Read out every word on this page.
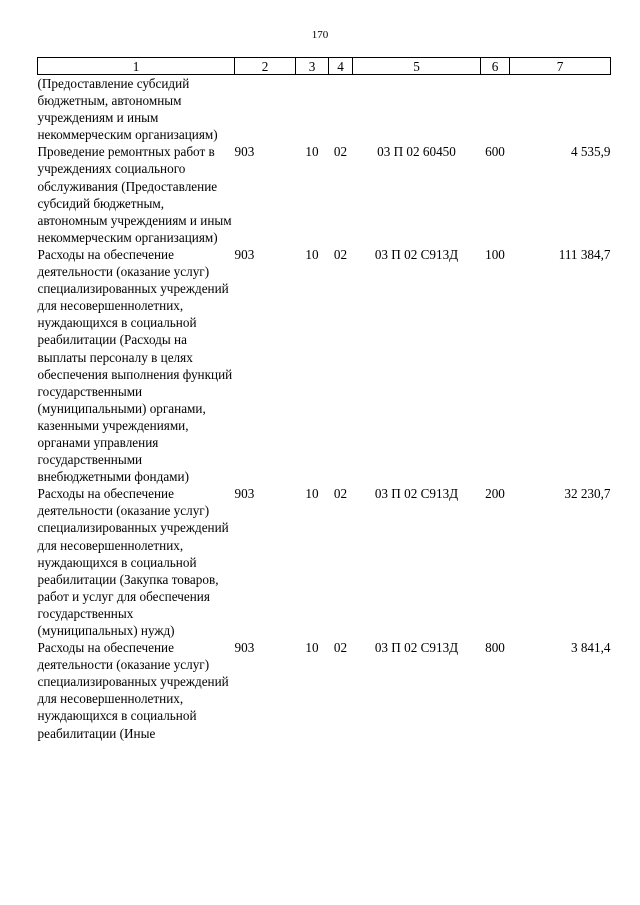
170
1	2	3	4	5	6	7
(Предоставление субсидий бюджетным, автономным учреждениям и иным некоммерческим организациям)						
Проведение ремонтных работ в учреждениях социального обслуживания (Предоставление субсидий бюджетным, автономным учреждениям и иным некоммерческим организациям)	903	10	02	03 П 02 60450	600	4 535,9
Расходы на обеспечение деятельности (оказание услуг) специализированных учреждений для несовершеннолетних, нуждающихся в социальной реабилитации (Расходы на выплаты персоналу в целях обеспечения выполнения функций государственными (муниципальными) органами, казенными учреждениями, органами управления государственными внебюджетными фондами)	903	10	02	03 П 02 С913Д	100	111 384,7
Расходы на обеспечение деятельности (оказание услуг) специализированных учреждений для несовершеннолетних, нуждающихся в социальной реабилитации (Закупка товаров, работ и услуг для обеспечения государственных (муниципальных) нужд)	903	10	02	03 П 02 С913Д	200	32 230,7
Расходы на обеспечение деятельности (оказание услуг) специализированных учреждений для несовершеннолетних, нуждающихся в социальной реабилитации (Иные	903	10	02	03 П 02 С913Д	800	3 841,4
